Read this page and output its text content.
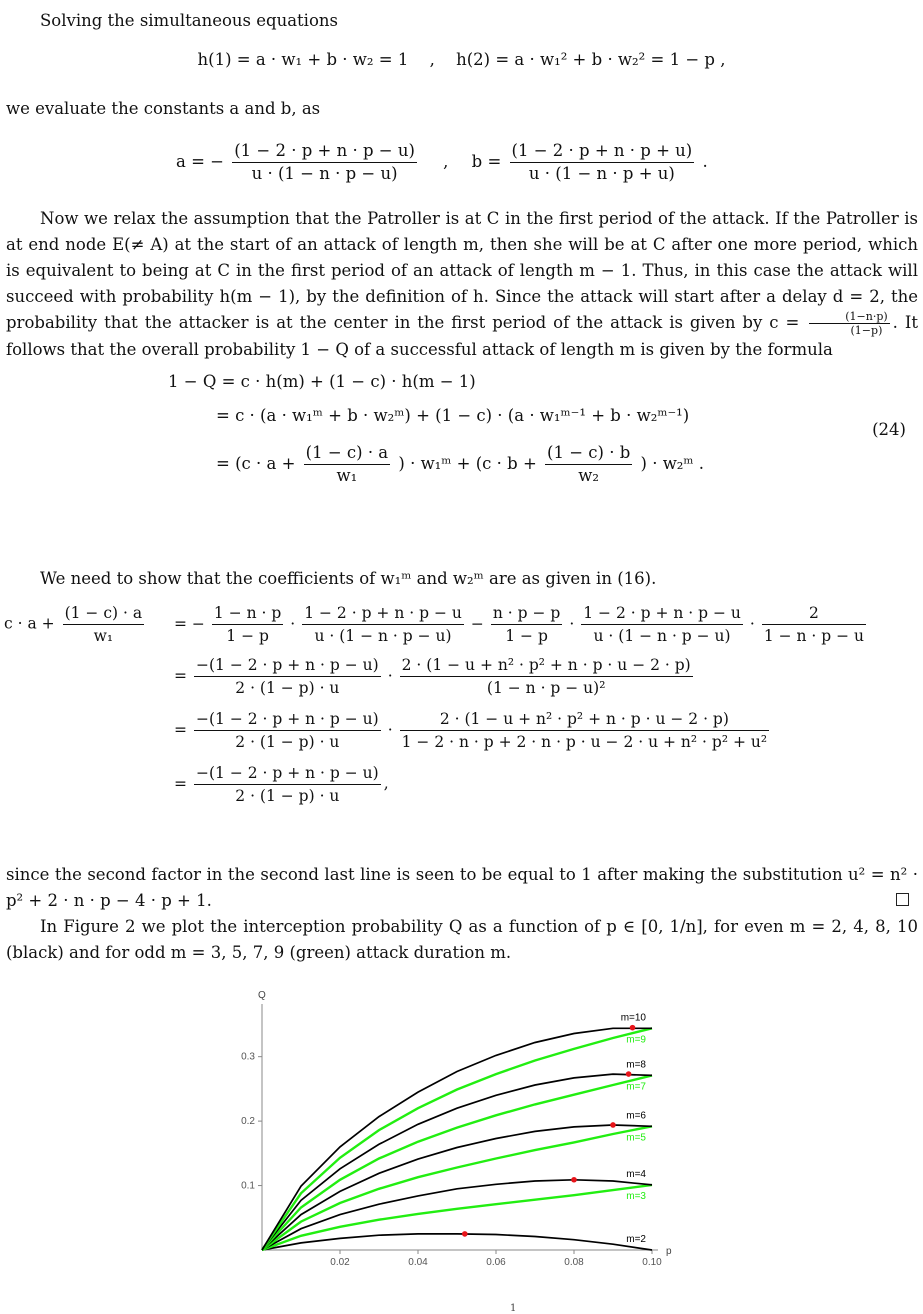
Solving the simultaneous equations
h(1) = a · w₁ + b · w₂ = 1 , h(2) = a · w₁² + b · w₂² = 1 − p ,
we evaluate the constants a and b, as
a = − $\frac{(1 - 2 \cdot p + n \cdot p - u)}{u \cdot (1 - n \cdot p - u)}$ , $b = \frac{(1 - 2 \cdot p + n \cdot p + u)}{u \cdot (1 - n \cdot p + u)}$ .
Now we relax the assumption that the Patroller is at C in the first period of the attack. If the Patroller is at end node E(≠ A) at the start of an attack of length m, then she will be at C after one more period, which is equivalent to being at C in the first period of an attack of length m − 1. Thus, in this case the attack will succeed with probability h(m − 1), by the definition of h. Since the attack will start after a delay d = 2, the probability that the attacker is at the center in the first period of the attack is given by $c = \frac{(1-n\cdot p)}{(1-p)}$ . It follows that the overall probability 1 − Q of a successful attack of length m is given by the formula
1 − Q = c · h(m) + (1 − c) · h(m − 1)
= c · (a · w₁ᵐ + b · w₂ᵐ) + (1 − c) · (a · w₁ᵐ⁻¹ + b · w₂ᵐ⁻¹)
= ($c \cdot a + \frac{(1 - c) \cdot a}{\text{w₁}}$ ) · w₁ᵐ + ($c \cdot b + \frac{(1 - c) \cdot b}{\text{w₂}}$ ) · w₂ᵐ .
(24)
We need to show that the coefficients of w₁ᵐ and w₂ᵐ are as given in (16).
$c \cdot a + \frac{(1 - c) \cdot a}{\text{w₁}}$ = − $\frac{1 - n \cdot p}{1 - p} \cdot \frac{1 - 2 \cdot p + n \cdot p - u}{u \cdot (1 - n \cdot p - u)} - \frac{n \cdot p - p}{1 - p} \cdot \frac{1 - 2 \cdot p + n \cdot p - u}{u \cdot (1 - n \cdot p - u)} \cdot \frac{2}{1 - n \cdot p - u}$
= $\frac{-(1 - 2 \cdot p + n \cdot p - u)}{2 \cdot (1 - p) \cdot u} \cdot \frac{\text{2 · (1 − u + n² · p² + n · p · u − 2 · p)}}{\text{(1 − n · p − u)²}}$
= $\frac{-(1 - 2 \cdot p + n \cdot p - u)}{2 \cdot (1 - p) \cdot u} \cdot \frac{\text{2 · (1 − u + n² · p² + n · p · u − 2 · p)}}{\text{1 − 2 · n · p + 2 · n · p · u − 2 · u + n² · p² + u²}}$
= $\frac{-(1 - 2 \cdot p + n \cdot p - u)}{2 \cdot (1 - p) \cdot u}$ ,
since the second factor in the second last line is seen to be equal to 1 after making the substitution u² = n² · p² + 2 · n · p − 4 · p + 1.
In Figure 2 we plot the interception probability Q as a function of p ∈ [0, 1/n], for even m = 2, 4, 8, 10 (black) and for odd m = 3, 5, 7, 9 (green) attack duration m.
p
Q
0.02	0.04	0.06	0.08	0.10
0.1
0.2
0.3
m=2
m=3
m=4
m=5
m=6
m=7
m=8
m=9
m=10
1
